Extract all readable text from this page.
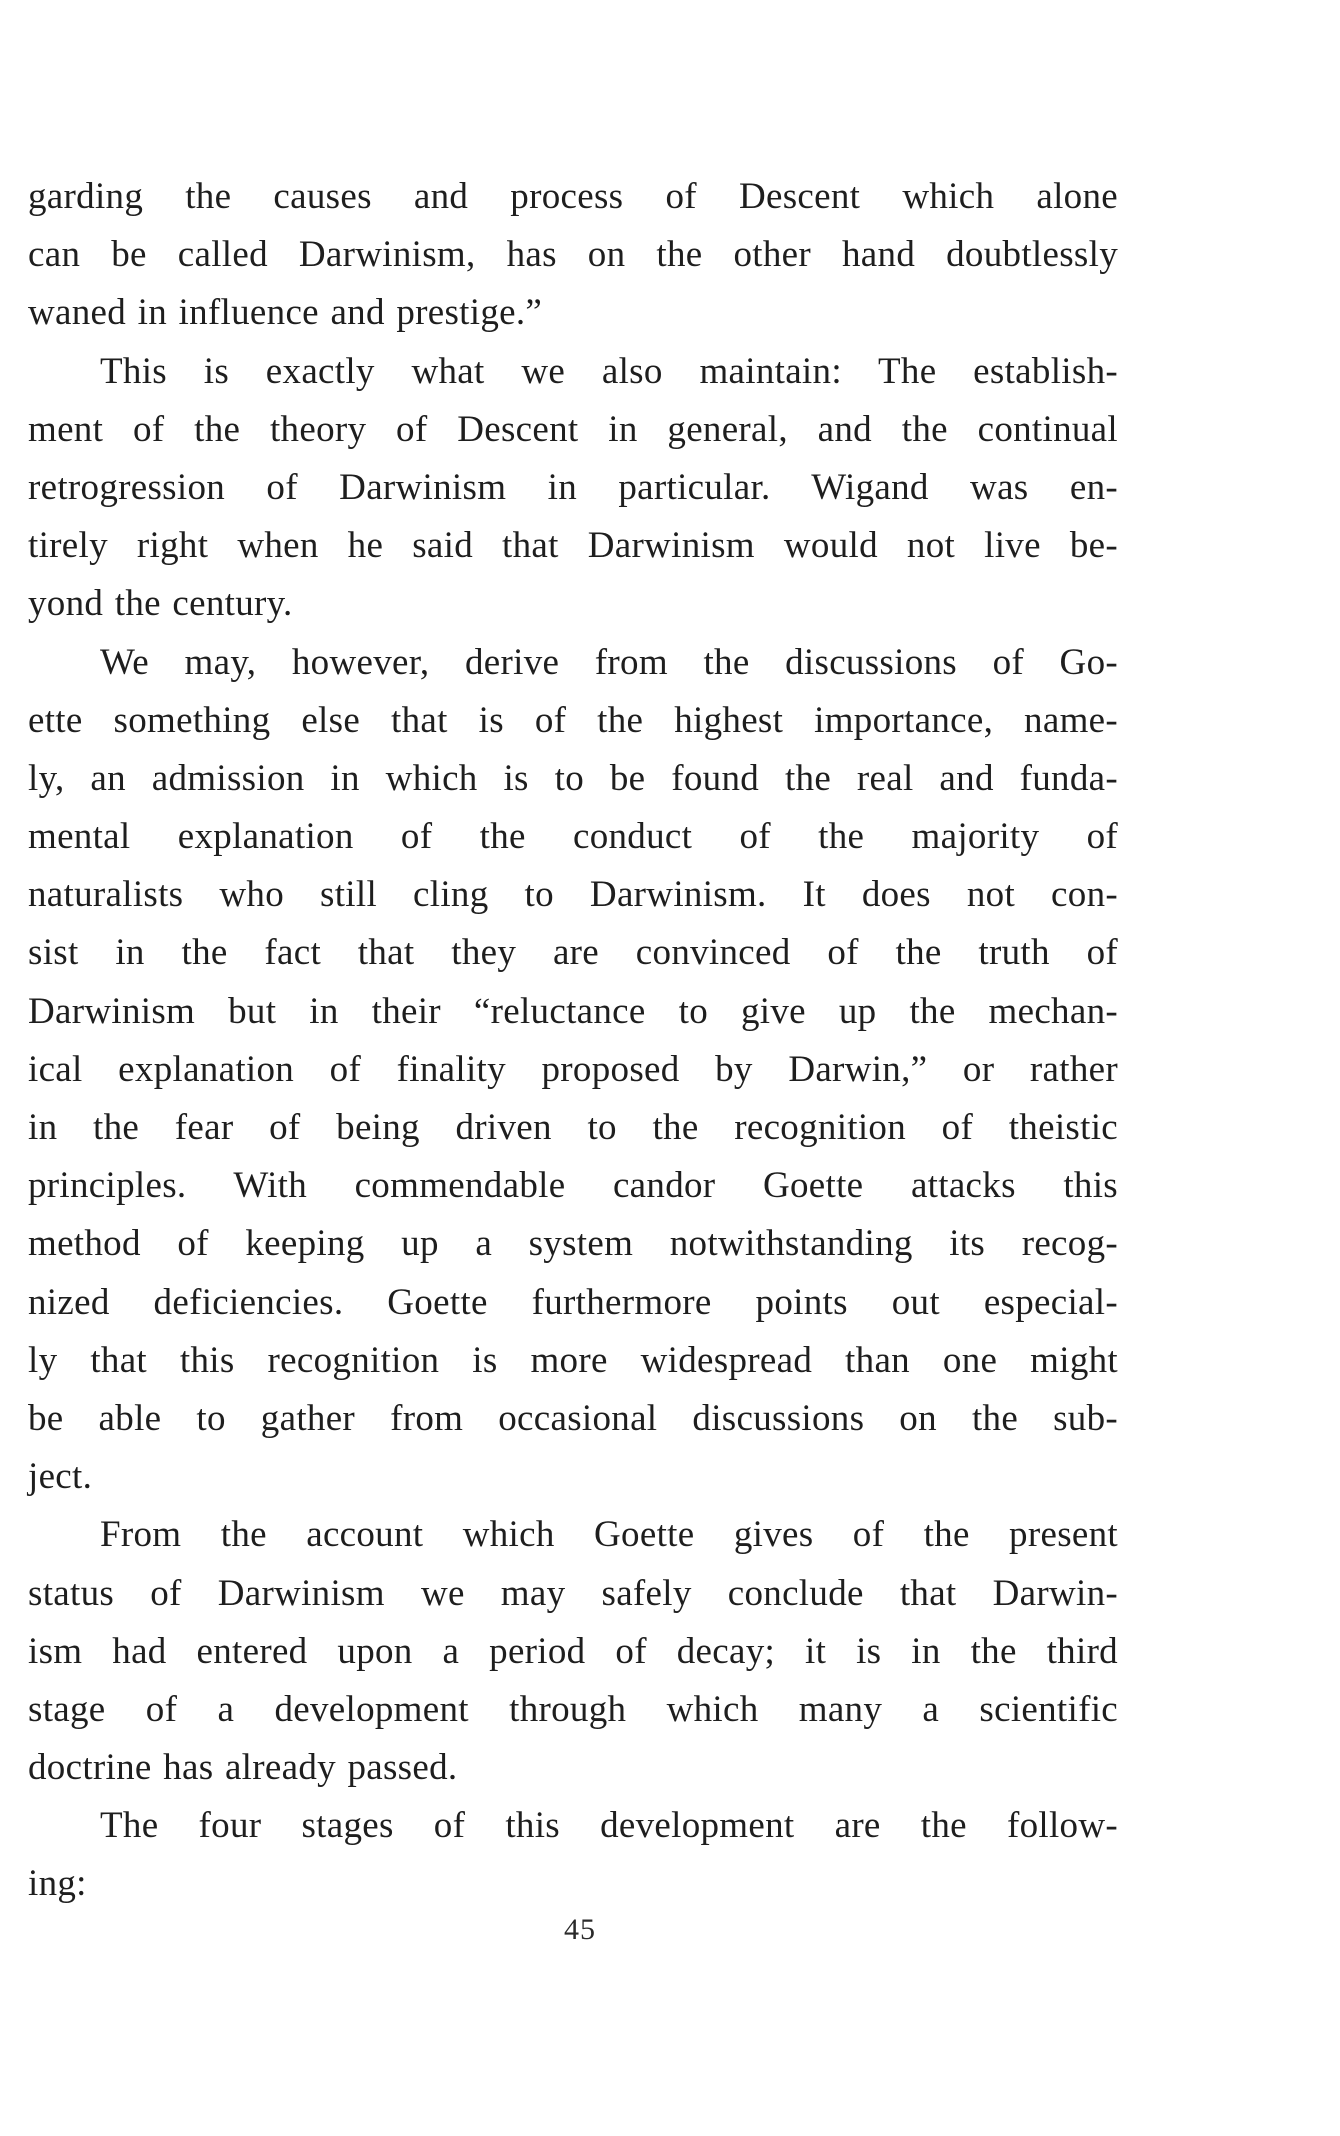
garding the causes and process of Descent which alone
can be called Darwinism, has on the other hand doubtlessly
waned in influence and prestige.”
This is exactly what we also maintain: The establish-
ment of the theory of Descent in general, and the continual
retrogression of Darwinism in particular. Wigand was en-
tirely right when he said that Darwinism would not live be-
yond the century.
We may, however, derive from the discussions of Go-
ette something else that is of the highest importance, name-
ly, an admission in which is to be found the real and funda-
mental explanation of the conduct of the majority of
naturalists who still cling to Darwinism. It does not con-
sist in the fact that they are convinced of the truth of
Darwinism but in their “reluctance to give up the mechan-
ical explanation of finality proposed by Darwin,” or rather
in the fear of being driven to the recognition of theistic
principles. With commendable candor Goette attacks this
method of keeping up a system notwithstanding its recog-
nized deficiencies. Goette furthermore points out especial-
ly that this recognition is more widespread than one might
be able to gather from occasional discussions on the sub-
ject.
From the account which Goette gives of the present
status of Darwinism we may safely conclude that Darwin-
ism had entered upon a period of decay; it is in the third
stage of a development through which many a scientific
doctrine has already passed.
The four stages of this development are the follow-
ing:
45
